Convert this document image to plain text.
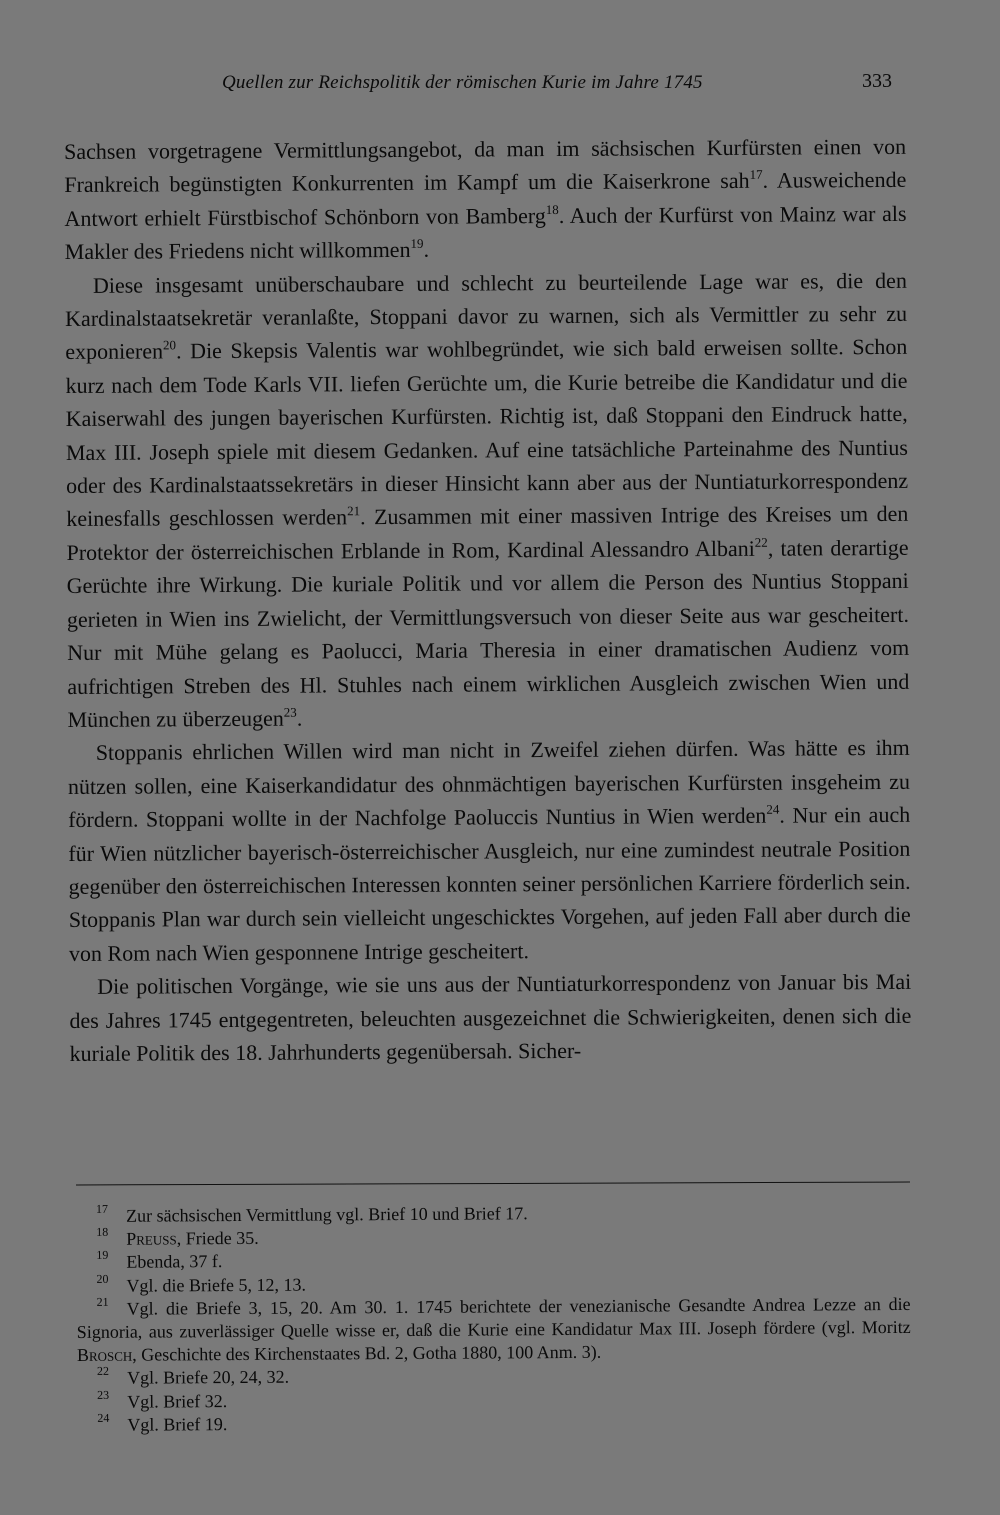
Quellen zur Reichspolitik der römischen Kurie im Jahre 1745	333

Sachsen vorgetragene Vermittlungsangebot, da man im sächsischen Kurfürsten einen von Frankreich begünstigten Konkurrenten im Kampf um die Kaiserkrone sah$^{17}$. Ausweichende Antwort erhielt Fürstbischof Schönborn von Bamberg$^{18}$. Auch der Kurfürst von Mainz war als Makler des Friedens nicht willkommen$^{19}$.

Diese insgesamt unüberschaubare und schlecht zu beurteilende Lage war es, die den Kardinalstaatsekretär veranlaßte, Stoppani davor zu warnen, sich als Vermittler zu sehr zu exponieren$^{20}$. Die Skepsis Valentis war wohlbegründet, wie sich bald erweisen sollte. Schon kurz nach dem Tode Karls VII. liefen Gerüchte um, die Kurie betreibe die Kandidatur und die Kaiserwahl des jungen bayerischen Kurfürsten. Richtig ist, daß Stoppani den Eindruck hatte, Max III. Joseph spiele mit diesem Gedanken. Auf eine tatsächliche Parteinahme des Nuntius oder des Kardinalstaatssekretärs in dieser Hinsicht kann aber aus der Nuntiaturkorrespondenz keinesfalls geschlossen werden$^{21}$. Zusammen mit einer massiven Intrige des Kreises um den Protektor der österreichischen Erblande in Rom, Kardinal Alessandro Albani$^{22}$, taten derartige Gerüchte ihre Wirkung. Die kuriale Politik und vor allem die Person des Nuntius Stoppani gerieten in Wien ins Zwielicht, der Vermittlungsversuch von dieser Seite aus war gescheitert. Nur mit Mühe gelang es Paolucci, Maria Theresia in einer dramatischen Audienz vom aufrichtigen Streben des Hl. Stuhles nach einem wirklichen Ausgleich zwischen Wien und München zu überzeugen$^{23}$.

Stoppanis ehrlichen Willen wird man nicht in Zweifel ziehen dürfen. Was hätte es ihm nützen sollen, eine Kaiserkandidatur des ohnmächtigen bayerischen Kurfürsten insgeheim zu fördern. Stoppani wollte in der Nachfolge Paoluccis Nuntius in Wien werden$^{24}$. Nur ein auch für Wien nützlicher bayerisch-österreichischer Ausgleich, nur eine zumindest neutrale Position gegenüber den österreichischen Interessen konnten seiner persönlichen Karriere förderlich sein. Stoppanis Plan war durch sein vielleicht ungeschicktes Vorgehen, auf jeden Fall aber durch die von Rom nach Wien gesponnene Intrige gescheitert.

Die politischen Vorgänge, wie sie uns aus der Nuntiaturkorrespondenz von Januar bis Mai des Jahres 1745 entgegentreten, beleuchten ausgezeichnet die Schwierigkeiten, denen sich die kuriale Politik des 18. Jahrhunderts gegenübersah. Sicher-

$^{17}$ Zur sächsischen Vermittlung vgl. Brief 10 und Brief 17.
$^{18}$ Preuss, Friede 35.
$^{19}$ Ebenda, 37 f.
$^{20}$ Vgl. die Briefe 5, 12, 13.
$^{21}$ Vgl. die Briefe 3, 15, 20. Am 30. 1. 1745 berichtete der venezianische Gesandte Andrea Lezze an die Signoria, aus zuverlässiger Quelle wisse er, daß die Kurie eine Kandidatur Max III. Joseph fördere (vgl. Moritz Brosch, Geschichte des Kirchenstaates Bd. 2, Gotha 1880, 100 Anm. 3).
$^{22}$ Vgl. Briefe 20, 24, 32.
$^{23}$ Vgl. Brief 32.
$^{24}$ Vgl. Brief 19.
